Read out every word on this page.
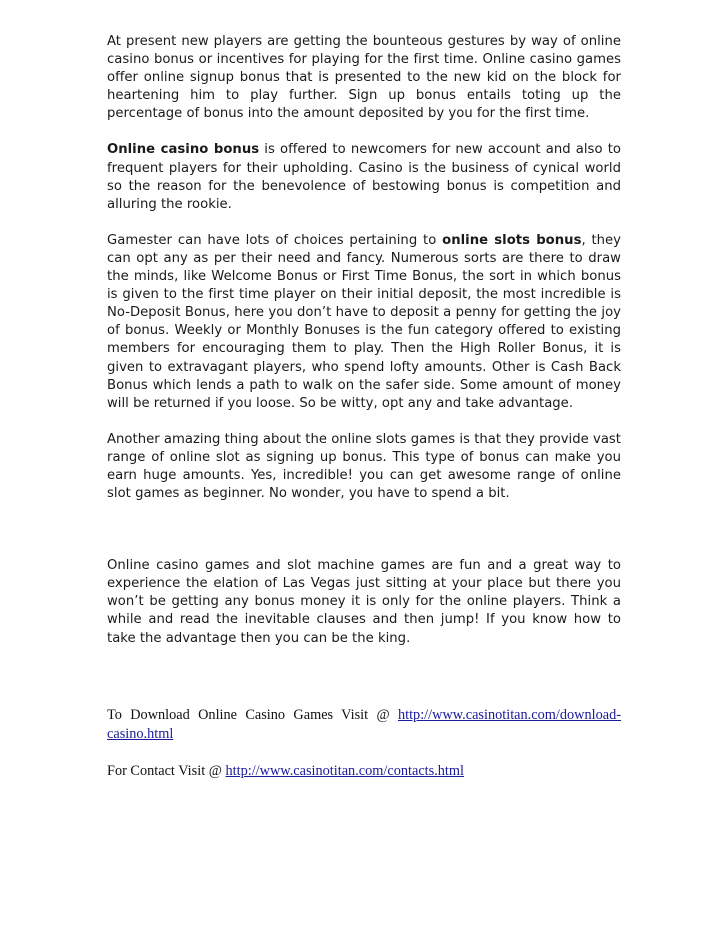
At present new players are getting the bounteous gestures by way of online casino bonus or incentives for playing for the first time. Online casino games offer online signup bonus that is presented to the new kid on the block for heartening him to play further. Sign up bonus entails toting up the percentage of bonus into the amount deposited by you for the first time.

Online casino bonus is offered to newcomers for new account and also to frequent players for their upholding. Casino is the business of cynical world so the reason for the benevolence of bestowing bonus is competition and alluring the rookie.

Gamester can have lots of choices pertaining to online slots bonus, they can opt any as per their need and fancy. Numerous sorts are there to draw the minds, like Welcome Bonus or First Time Bonus, the sort in which bonus is given to the first time player on their initial deposit, the most incredible is No-Deposit Bonus, here you don’t have to deposit a penny for getting the joy of bonus. Weekly or Monthly Bonuses is the fun category offered to existing members for encouraging them to play. Then the High Roller Bonus, it is given to extravagant players, who spend lofty amounts. Other is Cash Back Bonus which lends a path to walk on the safer side. Some amount of money will be returned if you loose. So be witty, opt any and take advantage.

Another amazing thing about the online slots games is that they provide vast range of online slot as signing up bonus. This type of bonus can make you earn huge amounts. Yes, incredible! you can get awesome range of online slot games as beginner. No wonder, you have to spend a bit.

Online casino games and slot machine games are fun and a great way to experience the elation of Las Vegas just sitting at your place but there you won’t be getting any bonus money it is only for the online players. Think a while and read the inevitable clauses and then jump! If you know how to take the advantage then you can be the king.

To Download Online Casino Games Visit @ http://www.casinotitan.com/download-casino.html

For Contact Visit @ http://www.casinotitan.com/contacts.html
